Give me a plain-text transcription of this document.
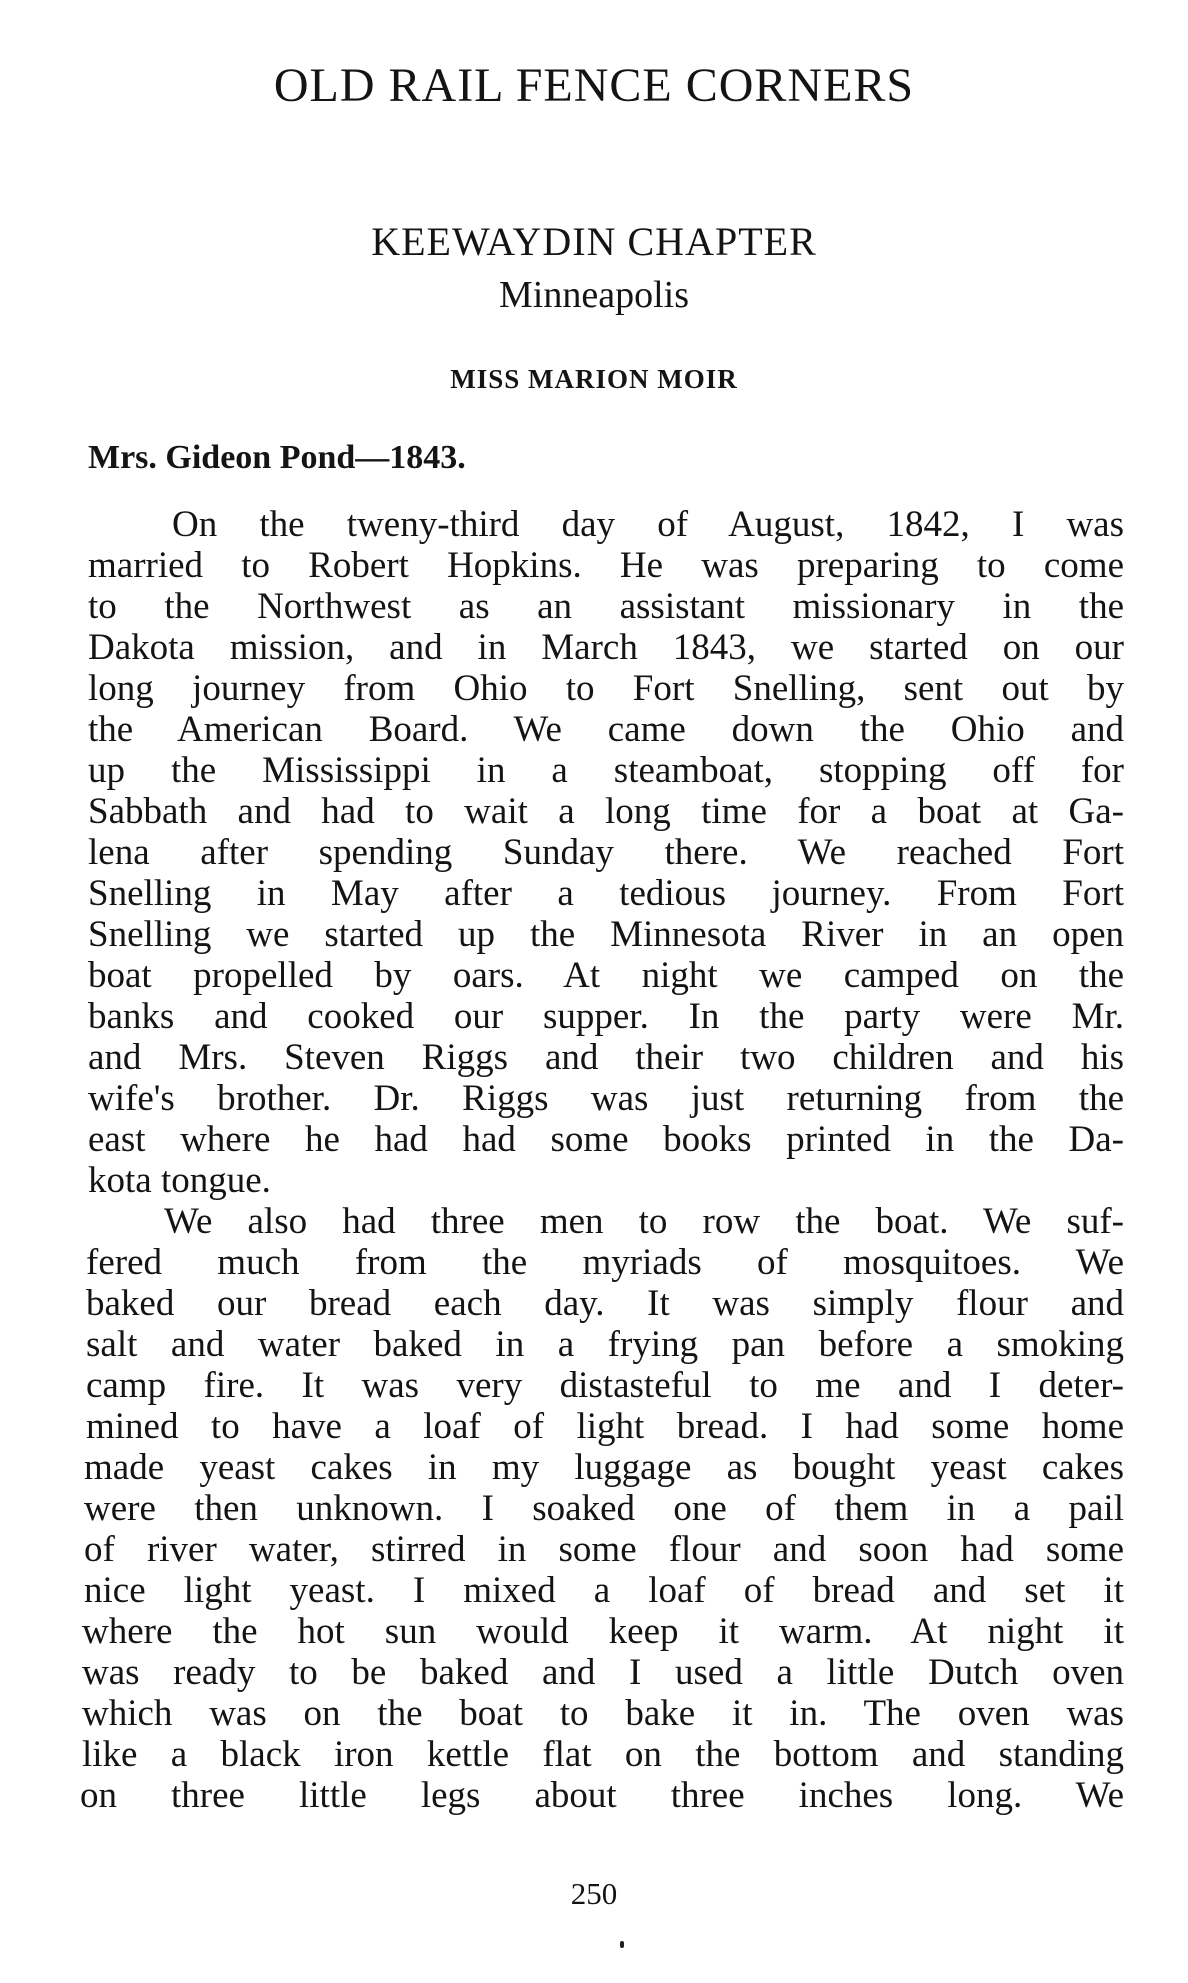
OLD RAIL FENCE CORNERS
KEEWAYDIN CHAPTER
Minneapolis
MISS MARION MOIR
Mrs. Gideon Pond—1843.
On the tweny-third day of August, 1842, I was
married to Robert Hopkins. He was preparing to come
to the Northwest as an assistant missionary in the
Dakota mission, and in March 1843, we started on our
long journey from Ohio to Fort Snelling, sent out by
the American Board. We came down the Ohio and
up the Mississippi in a steamboat, stopping off for
Sabbath and had to wait a long time for a boat at Ga-
lena after spending Sunday there. We reached Fort
Snelling in May after a tedious journey. From Fort
Snelling we started up the Minnesota River in an open
boat propelled by oars. At night we camped on the
banks and cooked our supper. In the party were Mr.
and Mrs. Steven Riggs and their two children and his
wife's brother. Dr. Riggs was just returning from the
east where he had had some books printed in the Da-
kota tongue.
We also had three men to row the boat. We suf-
fered much from the myriads of mosquitoes. We
baked our bread each day. It was simply flour and
salt and water baked in a frying pan before a smoking
camp fire. It was very distasteful to me and I deter-
mined to have a loaf of light bread. I had some home
made yeast cakes in my luggage as bought yeast cakes
were then unknown. I soaked one of them in a pail
of river water, stirred in some flour and soon had some
nice light yeast. I mixed a loaf of bread and set it
where the hot sun would keep it warm. At night it
was ready to be baked and I used a little Dutch oven
which was on the boat to bake it in. The oven was
like a black iron kettle flat on the bottom and standing
on three little legs about three inches long. We
250
